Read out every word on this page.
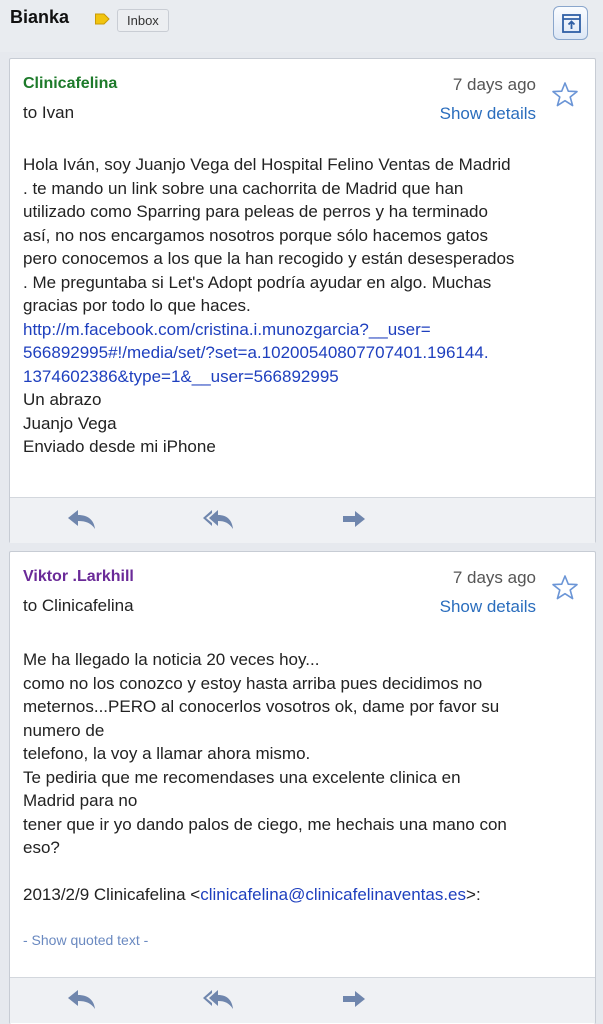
Bianka	Inbox
Clinicafelina
to Ivan
7 days ago
Show details
Hola Iván, soy Juanjo Vega del Hospital Felino Ventas de Madrid
. te mando un link sobre una cachorrita de Madrid que han
utilizado como Sparring para peleas de perros y ha terminado
así, no nos encargamos nosotros porque sólo hacemos gatos
pero conocemos a los que la han recogido y están desesperados
. Me preguntaba si Let's Adopt podría ayudar en algo. Muchas
gracias por todo lo que haces.
http://m.facebook.com/cristina.i.munozgarcia?__user=
566892995#!/media/set/?set=a.10200540807707401.196144.
1374602386&type=1&__user=566892995
Un abrazo
Juanjo Vega
Enviado desde mi iPhone
Viktor .Larkhill
to Clinicafelina
7 days ago
Show details
Me ha llegado la noticia 20 veces hoy...
como no los conozco y estoy hasta arriba pues decidimos no
meternos...PERO al conocerlos vosotros ok, dame por favor su
numero de
telefono, la voy a llamar ahora mismo.
Te pediria que me recomendases una excelente clinica en
Madrid para no
tener que ir yo dando palos de ciego, me hechais una mano con
eso?
2013/2/9 Clinicafelina <clinicafelina@clinicafelinaventas.es>:
- Show quoted text -
